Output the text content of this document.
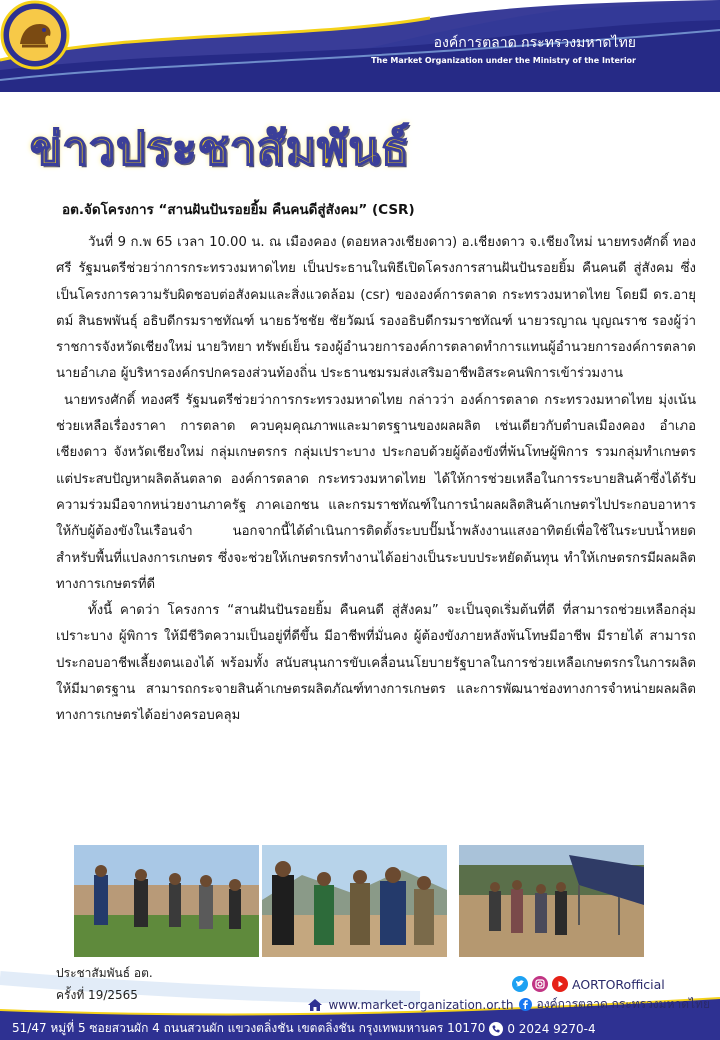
องค์การตลาด กระทรวงมหาดไทย
The Market Organization under the Ministry of the Interior
ข่าวประชาสัมพันธ์
อต.จัดโครงการ “สานฝันปันรอยยิ้ม คืนคนดีสู่สังคม” (CSR)

วันที่ 9 ก.พ 65 เวลา 10.00 น. ณ เมืองคอง (ดอยหลวงเชียงดาว) อ.เชียงดาว จ.เชียงใหม่ นายทรงศักดิ์ ทองศรี รัฐมนตรีช่วยว่าการกระทรวงมหาดไทย เป็นประธานในพิธีเปิดโครงการสานฝันปันรอยยิ้ม คืนคนดี สู่สังคม ซึ่งเป็นโครงการความรับผิดชอบต่อสังคมและสิ่งแวดล้อม (csr) ขององค์การตลาด กระทรวงมหาดไทย โดยมี ดร.อายุตม์ สินธพพันธุ์ อธิบดีกรมราชทัณฑ์ นายธวัชชัย ชัยวัฒน์ รองอธิบดีกรมราชทัณฑ์ นายวรญาณ บุญณราช รองผู้ว่าราชการจังหวัดเชียงใหม่ นายวิทยา ทรัพย์เย็น รองผู้อำนวยการองค์การตลาดทำการแทนผู้อำนวยการองค์การตลาด นายอำเภอ ผู้บริหารองค์กรปกครองส่วนท้องถิ่น ประธานชมรมส่งเสริมอาชีพอิสระคนพิการเข้าร่วมงาน

นายทรงศักดิ์ ทองศรี รัฐมนตรีช่วยว่าการกระทรวงมหาดไทย กล่าวว่า องค์การตลาด กระทรวงมหาดไทย มุ่งเน้นช่วยเหลือเรื่องราคา การตลาด ควบคุมคุณภาพและมาตรฐานของผลผลิต เช่นเดียวกับตำบลเมืองคอง อำเภอเชียงดาว จังหวัดเชียงใหม่ กลุ่มเกษตรกร กลุ่มเปราะบาง ประกอบด้วยผู้ต้องขังที่พ้นโทษผู้พิการ รวมกลุ่มทำเกษตรแต่ประสบปัญหาผลิตล้นตลาด องค์การตลาด กระทรวงมหาดไทย ได้ให้การช่วยเหลือในการระบายสินค้าซึ่งได้รับความร่วมมือจากหน่วยงานภาครัฐ ภาคเอกชน และกรมราชทัณฑ์ในการนำผลผลิตสินค้าเกษตรไปประกอบอาหารให้กับผู้ต้องขังในเรือนจำ นอกจากนี้ได้ดำเนินการติดตั้งระบบปั๊มน้ำพลังงานแสงอาทิตย์เพื่อใช้ในระบบน้ำหยด สำหรับพื้นที่แปลงการเกษตร ซึ่งจะช่วยให้เกษตรกรทำงานได้อย่างเป็นระบบประหยัดต้นทุน ทำให้เกษตรกรมีผลผลิตทางการเกษตรที่ดี

ทั้งนี้ คาดว่า โครงการ “สานฝันปันรอยยิ้ม คืนคนดี สู่สังคม” จะเป็นจุดเริ่มต้นที่ดี ที่สามารถช่วยเหลือกลุ่มเปราะบาง ผู้พิการ ให้มีชีวิตความเป็นอยู่ที่ดีขึ้น มีอาชีพที่มั่นคง ผู้ต้องขังภายหลังพ้นโทษมีอาชีพ มีรายได้ สามารถประกอบอาชีพเลี้ยงตนเองได้ พร้อมทั้ง สนับสนุนการขับเคลื่อนนโยบายรัฐบาลในการช่วยเหลือเกษตรกรในการผลิต ให้มีมาตรฐาน สามารถกระจายสินค้าเกษตรผลิตภัณฑ์ทางการเกษตร และการพัฒนาช่องทางการจำหน่ายผลผลิตทางการเกษตรได้อย่างครอบคลุม

ประชาสัมพันธ์ อต.
ครั้งที่ 19/2565
AORTORofficial
www.market-organization.or.th องค์การตลาด กระทรวงมหาดไทย
51/47 หมู่ที่ 5 ซอยสวนผัก 4 ถนนสวนผัก แขวงตลิ่งชัน เขตตลิ่งชัน กรุงเทพมหานคร 10170 0 2024 9270-4
